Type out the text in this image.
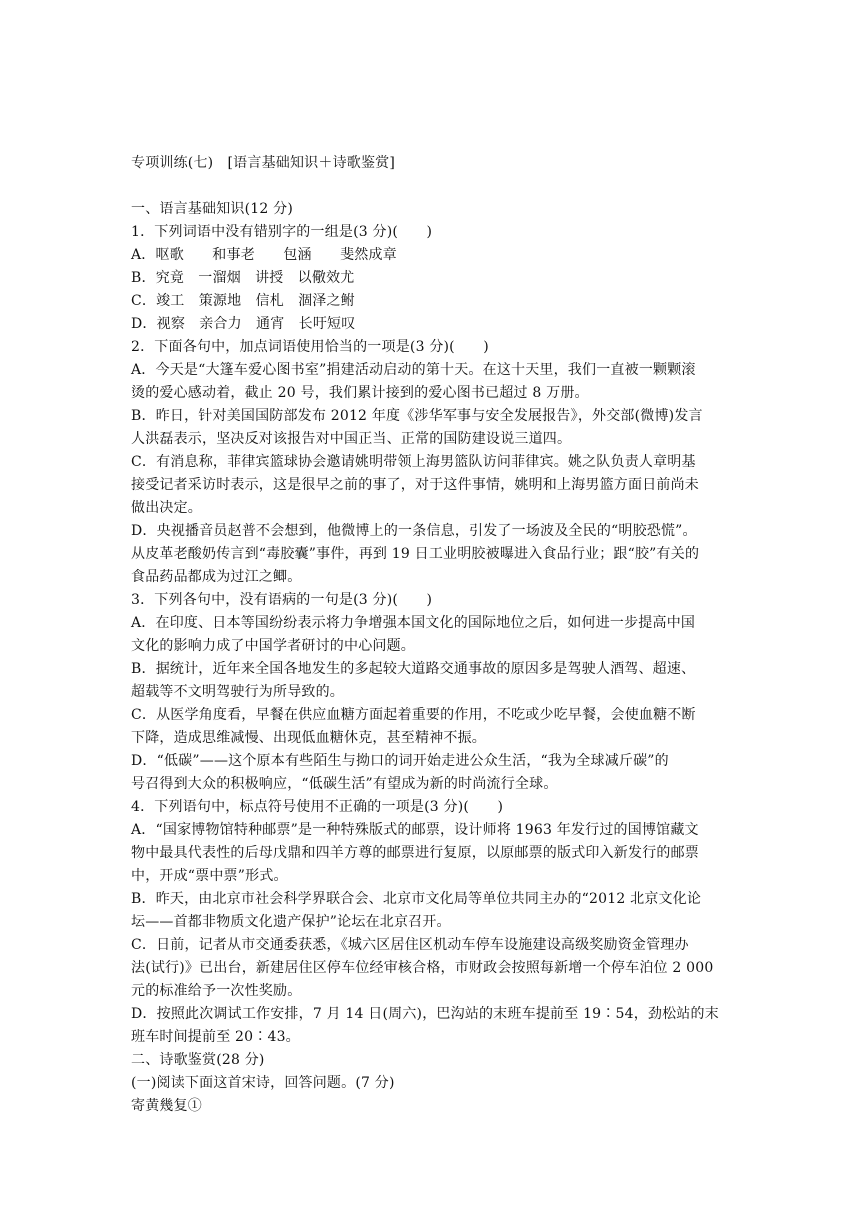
专项训练(七)　[语言基础知识＋诗歌鉴赏]
一、语言基础知识(12 分)
1．下列词语中没有错别字的一组是(3 分)(　　)
A．呕歌　　和事老　　包涵　　斐然成章
B．究竟　一溜烟　讲授　以儆效尤
C．竣工　策源地　信札　涸泽之鲋
D．视察　亲合力　通宵　长吁短叹
2．下面各句中，加点词语使用恰当的一项是(3 分)(　　)
A．今天是“大篷车爱心图书室”捐建活动启动的第十天。在这十天里，我们一直被一颗颗滚
烫的爱心感动着，截止 20 号，我们累计接到的爱心图书已超过 8 万册。
B．昨日，针对美国国防部发布 2012 年度《涉华军事与安全发展报告》，外交部(微博)发言
人洪磊表示，坚决反对该报告对中国正当、正常的国防建设说三道四。
C．有消息称，菲律宾篮球协会邀请姚明带领上海男篮队访问菲律宾。姚之队负责人章明基
接受记者采访时表示，这是很早之前的事了，对于这件事情，姚明和上海男篮方面日前尚未
做出决定。
D．央视播音员赵普不会想到，他微博上的一条信息，引发了一场波及全民的“明胶恐慌”。
从皮革老酸奶传言到“毒胶囊”事件，再到 19 日工业明胶被曝进入食品行业；跟“胶”有关的
食品药品都成为过江之鲫。
3．下列各句中，没有语病的一句是(3 分)(　　)
A．在印度、日本等国纷纷表示将力争增强本国文化的国际地位之后，如何进一步提高中国
文化的影响力成了中国学者研讨的中心问题。
B．据统计，近年来全国各地发生的多起较大道路交通事故的原因多是驾驶人酒驾、超速、
超载等不文明驾驶行为所导致的。
C．从医学角度看，早餐在供应血糖方面起着重要的作用，不吃或少吃早餐，会使血糖不断
下降，造成思维减慢、出现低血糖休克，甚至精神不振。
D．“低碳”——这个原本有些陌生与拗口的词开始走进公众生活，“我为全球减斤碳”的
号召得到大众的积极响应，“低碳生活”有望成为新的时尚流行全球。
4．下列语句中，标点符号使用不正确的一项是(3 分)(　　)
A．“国家博物馆特种邮票”是一种特殊版式的邮票，设计师将 1963 年发行过的国博馆藏文
物中最具代表性的后母戊鼎和四羊方尊的邮票进行复原，以原邮票的版式印入新发行的邮票
中，开成“票中票”形式。
B．昨天，由北京市社会科学界联合会、北京市文化局等单位共同主办的“2012 北京文化论
坛——首都非物质文化遗产保护”论坛在北京召开。
C．日前，记者从市交通委获悉，《城六区居住区机动车停车设施建设高级奖励资金管理办
法(试行)》已出台，新建居住区停车位经审核合格，市财政会按照每新增一个停车泊位 2 000
元的标准给予一次性奖励。
D．按照此次调试工作安排，7 月 14 日(周六)，巴沟站的末班车提前至 19∶54，劲松站的末
班车时间提前至 20∶43。
二、诗歌鉴赏(28 分)
(一)阅读下面这首宋诗，回答问题。(7 分)
寄黄幾复①
